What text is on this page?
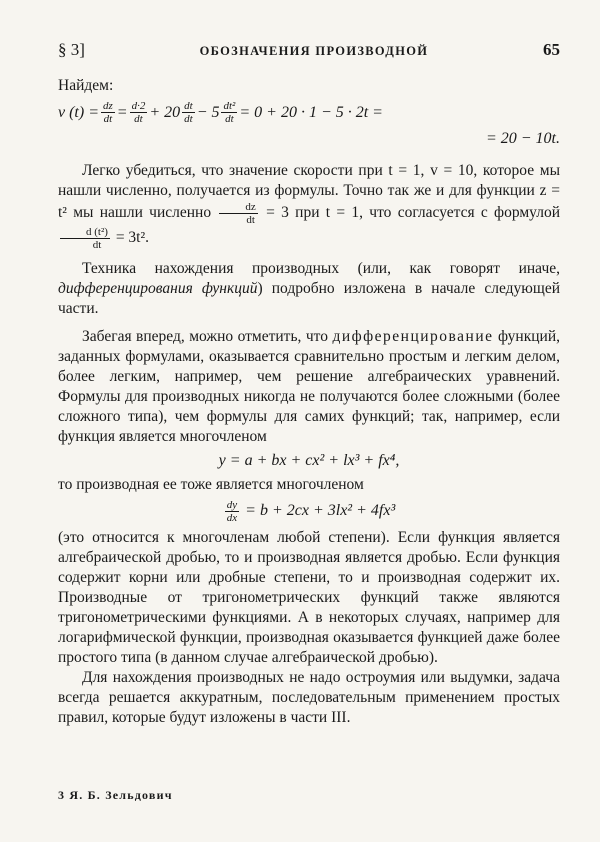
§ 3]	ОБОЗНАЧЕНИЯ ПРОИЗВОДНОЙ	65

Найдем:

v $(t) = \frac{dz}{dt} = \frac{d\cdot 2}{dt} + 20 \frac{dt}{dt} - 5 \frac{\text{dt²}}{dt} = 0 + 20 \cdot 1 - 5 \cdot 2t$ =
= 20 − 10t.

Легко убедиться, что значение скорости при t = 1, v = 10, которое мы нашли численно, получается из формулы. Точно так же и для функции z = t² мы нашли численно $\frac{dz}{dt} = 3$ при t = 1, что согласуется с формулой
$\frac{\text{d (t²)}}{dt} = 3t^2$.

Техника нахождения производных (или, как говорят иначе, дифференцирования функций) подробно изложена в начале следующей части.

Забегая вперед, можно отметить, что дифференцирование функций, заданных формулами, оказывается сравнительно простым и легким делом, более легким, например, чем решение алгебраических уравнений. Формулы для производных никогда не получаются более сложными (более сложного типа), чем формулы для самих функций; так, например, если функция является многочленом

y = a + bx + cx² + lx³ + fx⁴,

то производная ее тоже является многочленом

$\frac{dy}{dx} = b + 2cx + 3lx^2 + 4fx^3$

(это относится к многочленам любой степени). Если функция является алгебраической дробью, то и производная является дробью. Если функция содержит корни или дробные степени, то и производная содержит их. Производные от тригонометрических функций также являются тригонометрическими функциями. А в некоторых случаях, например для логарифмической функции, производная оказывается функцией даже более простого типа (в данном случае алгебраической дробью).

Для нахождения производных не надо остроумия или выдумки, задача всегда решается аккуратным, последовательным применением простых правил, которые будут изложены в части III.

3 Я. Б. Зельдович
